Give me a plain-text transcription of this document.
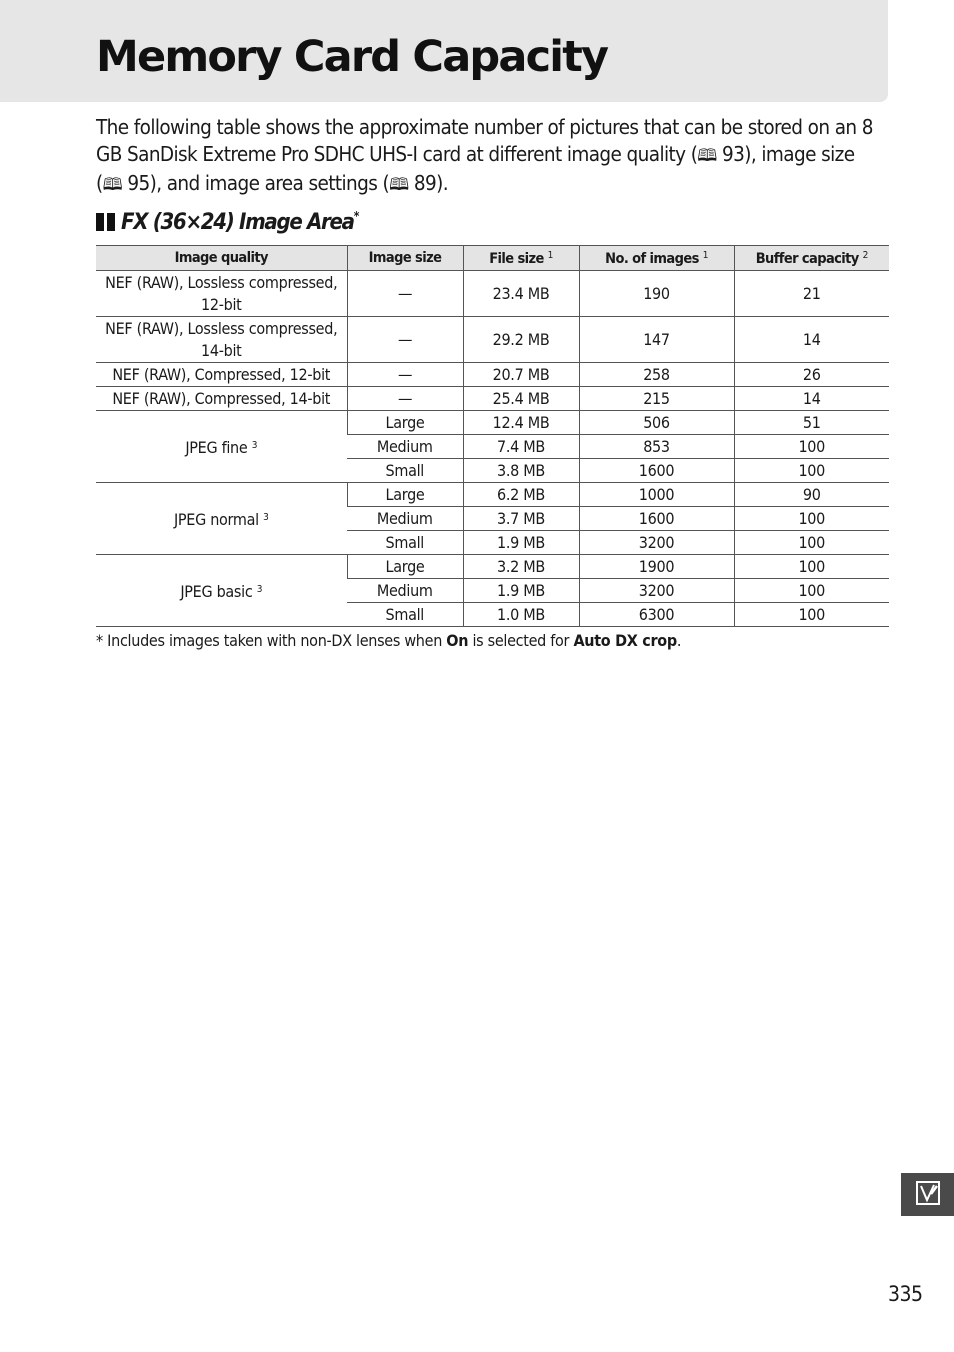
Memory Card Capacity

The following table shows the approximate number of pictures that can be stored on an 8 GB SanDisk Extreme Pro SDHC UHS-I card at different image quality (🕮 93), image size (🕮 95), and image area settings (🕮 89).

FX (36×24) Image Area*
Image quality	Image size	File size $^1$	No. of images $^1$	Buffer capacity $^2$
NEF (RAW), Lossless compressed, 12-bit	—	23.4 MB	190	21
NEF (RAW), Lossless compressed, 14-bit	—	29.2 MB	147	14
NEF (RAW), Compressed, 12-bit	—	20.7 MB	258	26
NEF (RAW), Compressed, 14-bit	—	25.4 MB	215	14
JPEG fine $^3$	Large	12.4 MB	506	51
	Medium	7.4 MB	853	100
	Small	3.8 MB	1600	100
JPEG normal $^3$	Large	6.2 MB	1000	90
	Medium	3.7 MB	1600	100
	Small	1.9 MB	3200	100
JPEG basic $^3$	Large	3.2 MB	1900	100
	Medium	1.9 MB	3200	100
	Small	1.0 MB	6300	100

* Includes images taken with non-DX lenses when On is selected for Auto DX crop.

335
